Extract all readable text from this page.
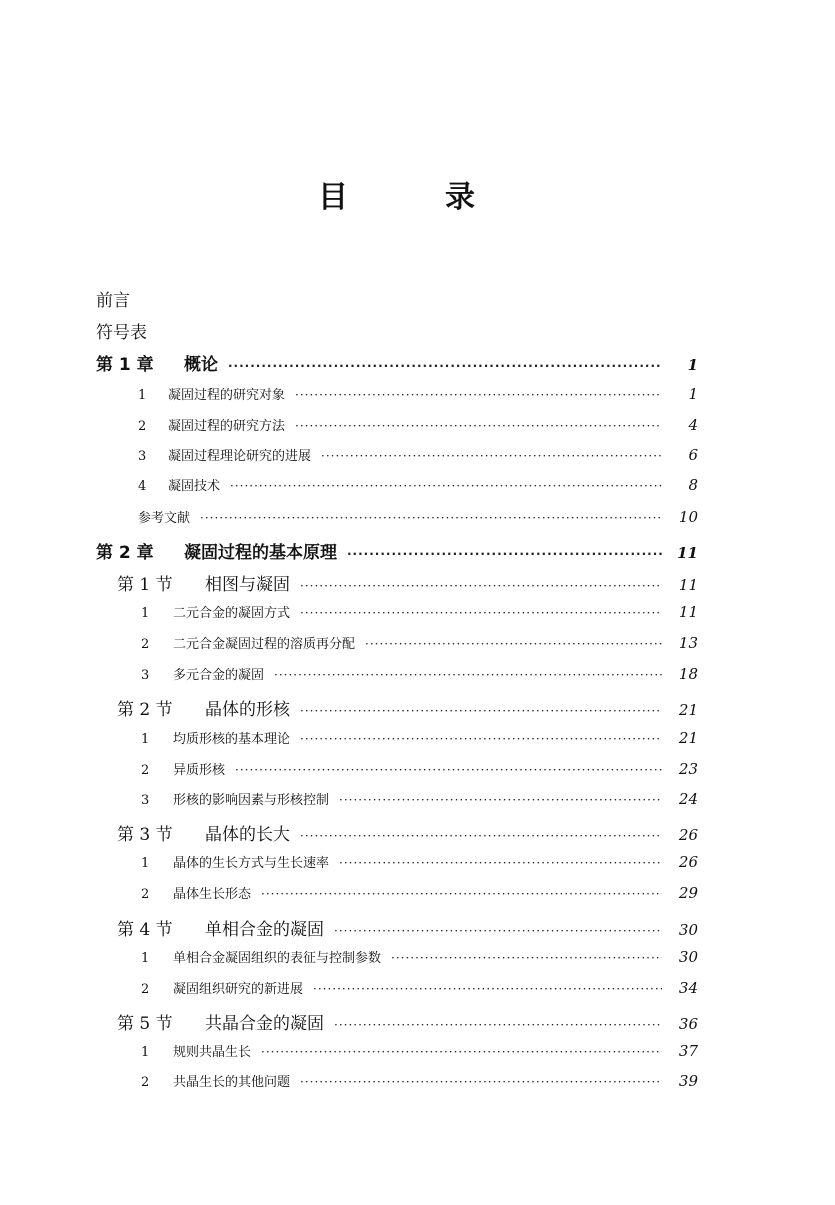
目	录
前言
符号表
第 1 章 概论 ·····	1
1 凝固过程的研究对象 ·····	1
2 凝固过程的研究方法 ·····	4
3 凝固过程理论研究的进展 ·····	6
4 凝固技术 ·····	8
参考文献 ·····	10
第 2 章 凝固过程的基本原理 ·····	11
第 1 节 相图与凝固 ·····	11
1 二元合金的凝固方式 ·····	11
2 二元合金凝固过程的溶质再分配 ·····	13
3 多元合金的凝固 ·····	18
第 2 节 晶体的形核 ·····	21
1 均质形核的基本理论 ·····	21
2 异质形核 ·····	23
3 形核的影响因素与形核控制 ·····	24
第 3 节 晶体的长大 ·····	26
1 晶体的生长方式与生长速率 ·····	26
2 晶体生长形态 ·····	29
第 4 节 单相合金的凝固 ·····	30
1 单相合金凝固组织的表征与控制参数 ·····	30
2 凝固组织研究的新进展 ·····	34
第 5 节 共晶合金的凝固 ·····	36
1 规则共晶生长 ·····	37
2 共晶生长的其他问题 ·····	39
